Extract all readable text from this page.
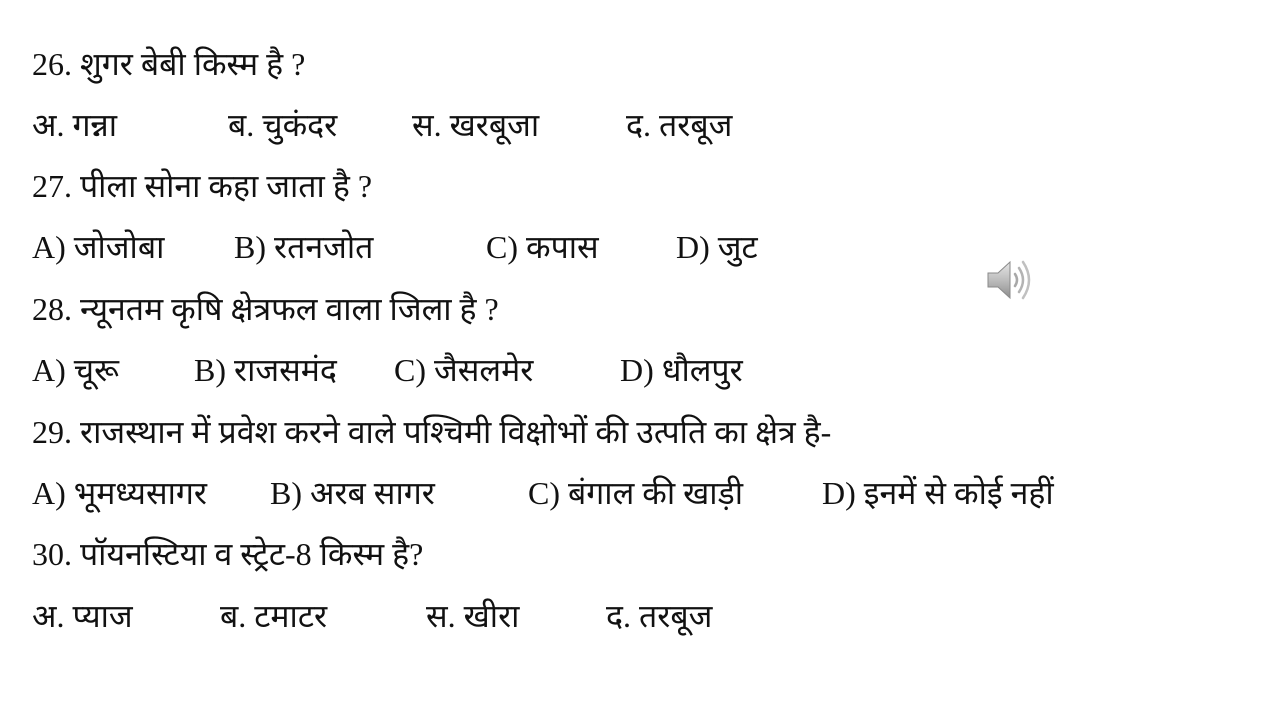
26. शुगर बेबी किस्म है ?
अ. गन्ना	ब. चुकंदर स. खरबूजा	द. तरबूज
27. पीला सोना कहा जाता है ?
A) जोजोबा B) रतनजोत	C) कपास D) जुट
28. न्यूनतम कृषि क्षेत्रफल वाला जिला है ?
A) चूरू B) राजसमंद C) जैसलमेर	D) धौलपुर
29. राजस्थान में प्रवेश करने वाले पश्चिमी विक्षोभों की उत्पति का क्षेत्र है-
A) भूमध्यसागर B) अरब सागर	C) बंगाल की खाड़ी D) इनमें से कोई नहीं
30. पॉयनस्टिया व स्ट्रेट-8 किस्म है?
अ. प्याज	ब. टमाटर	स. खीरा	द. तरबूज
